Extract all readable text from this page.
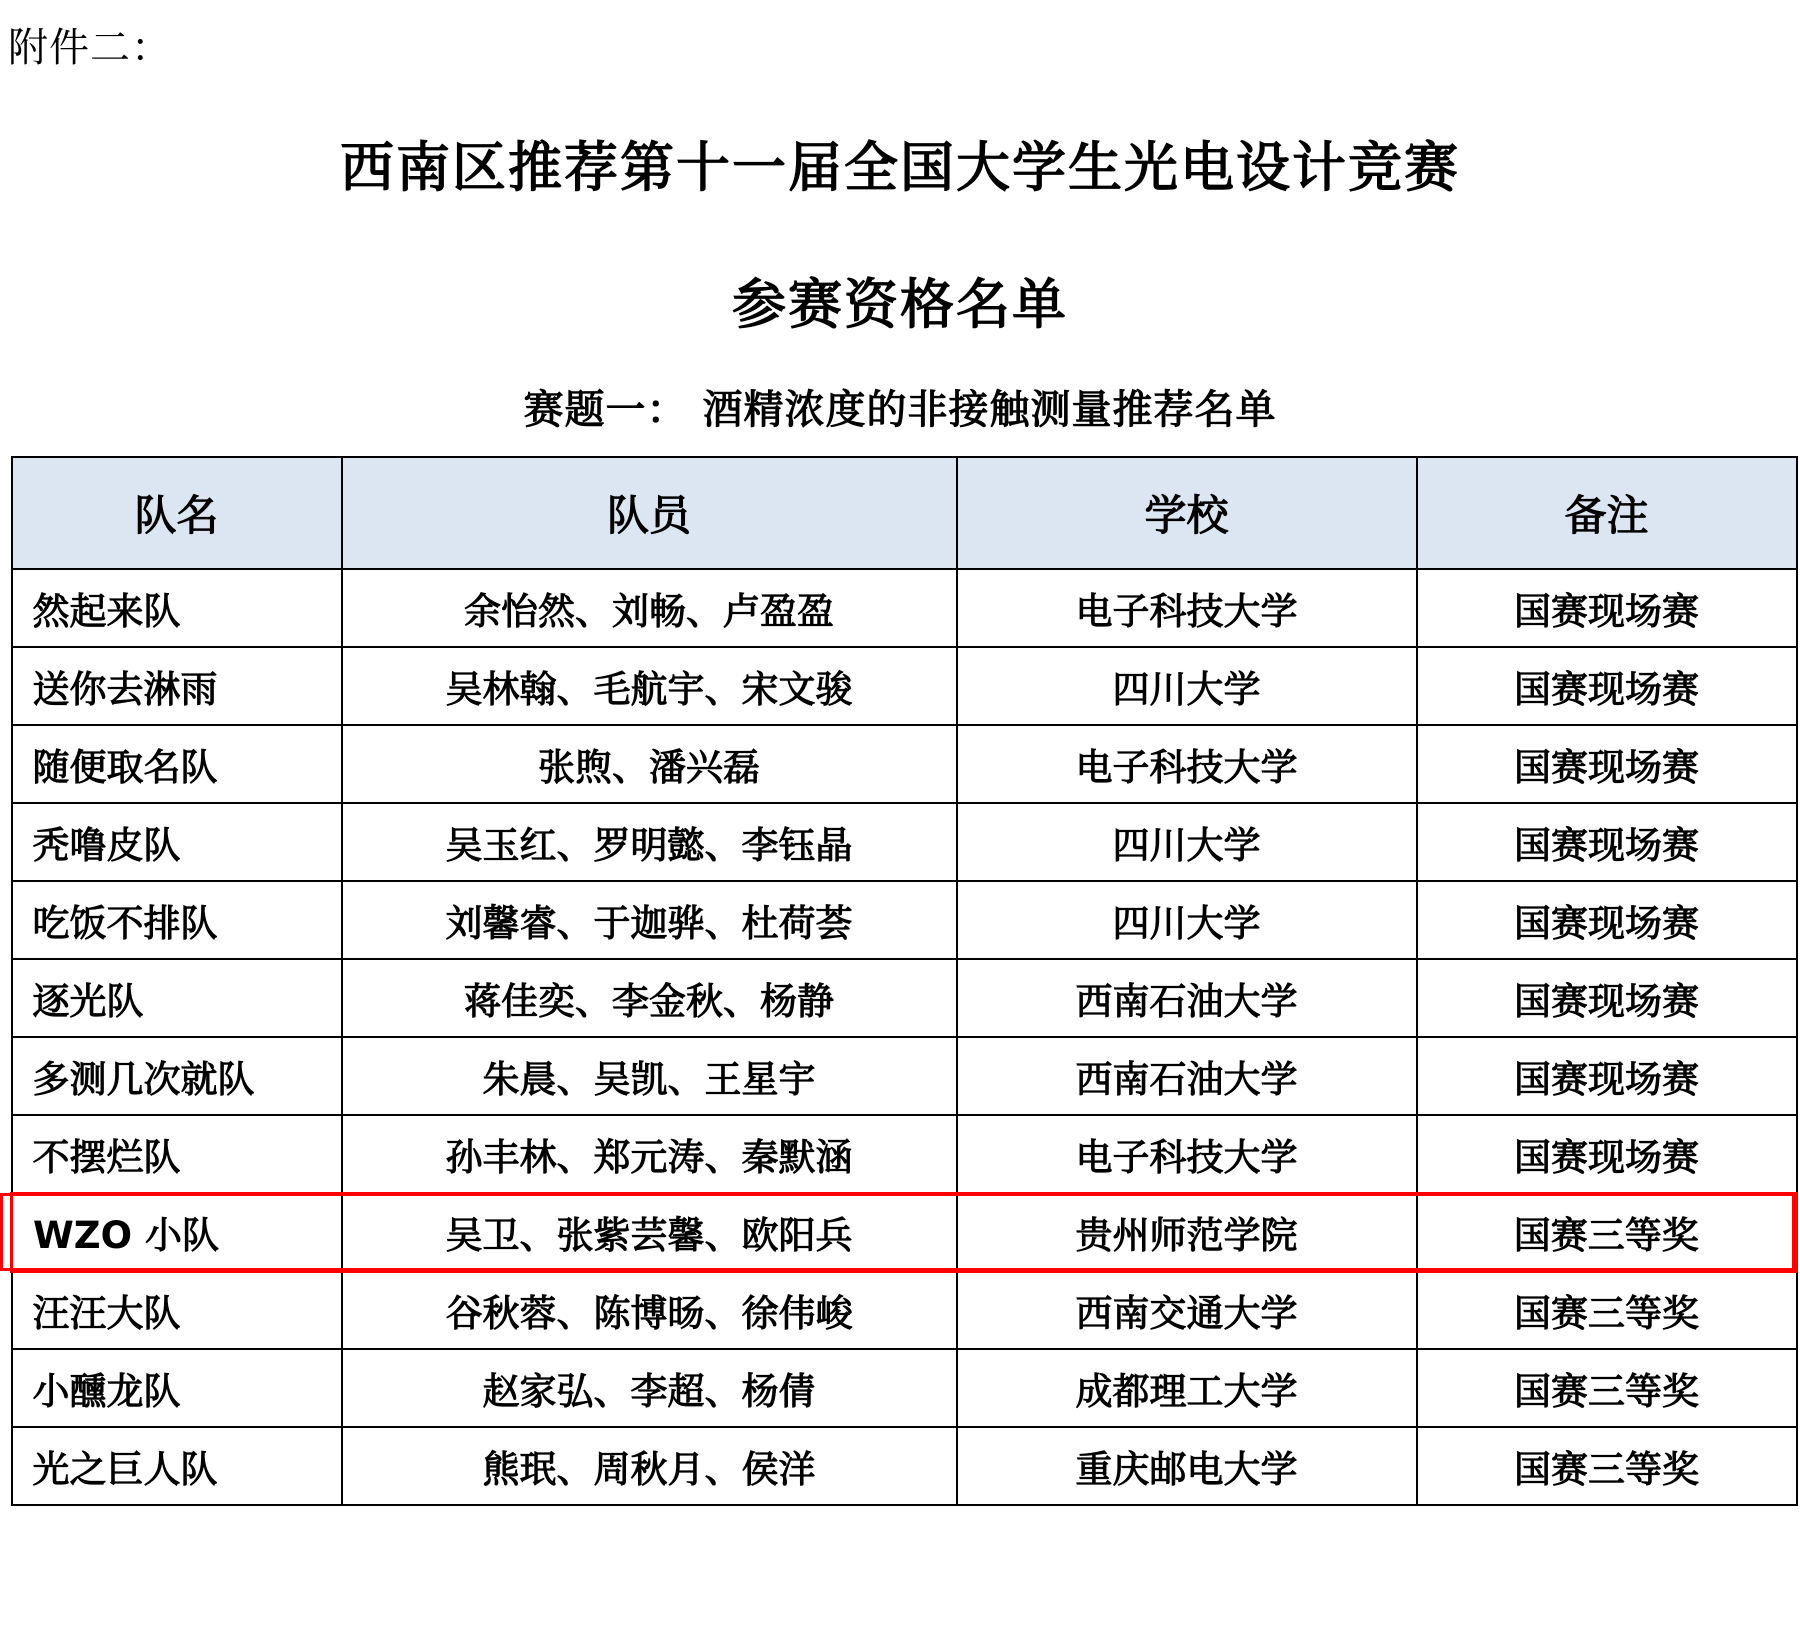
附件二：
西南区推荐第十一届全国大学生光电设计竞赛
参赛资格名单
赛题一： 酒精浓度的非接触测量推荐名单
队名	队员	学校	备注
然起来队	余怡然、刘畅、卢盈盈	电子科技大学	国赛现场赛
送你去淋雨	吴林翰、毛航宇、宋文骏	四川大学	国赛现场赛
随便取名队	张煦、潘兴磊	电子科技大学	国赛现场赛
秃噜皮队	吴玉红、罗明懿、李钰晶	四川大学	国赛现场赛
吃饭不排队	刘馨睿、于迦骅、杜荷荟	四川大学	国赛现场赛
逐光队	蒋佳奕、李金秋、杨静	西南石油大学	国赛现场赛
多测几次就队	朱晨、吴凯、王星宇	西南石油大学	国赛现场赛
不摆烂队	孙丰林、郑元涛、秦默涵	电子科技大学	国赛现场赛
WZO 小队	吴卫、张紫芸馨、欧阳兵	贵州师范学院	国赛三等奖
汪汪大队	谷秋蓉、陈博旸、徐伟峻	西南交通大学	国赛三等奖
小醺龙队	赵家弘、李超、杨倩	成都理工大学	国赛三等奖
光之巨人队	熊珉、周秋月、侯洋	重庆邮电大学	国赛三等奖
